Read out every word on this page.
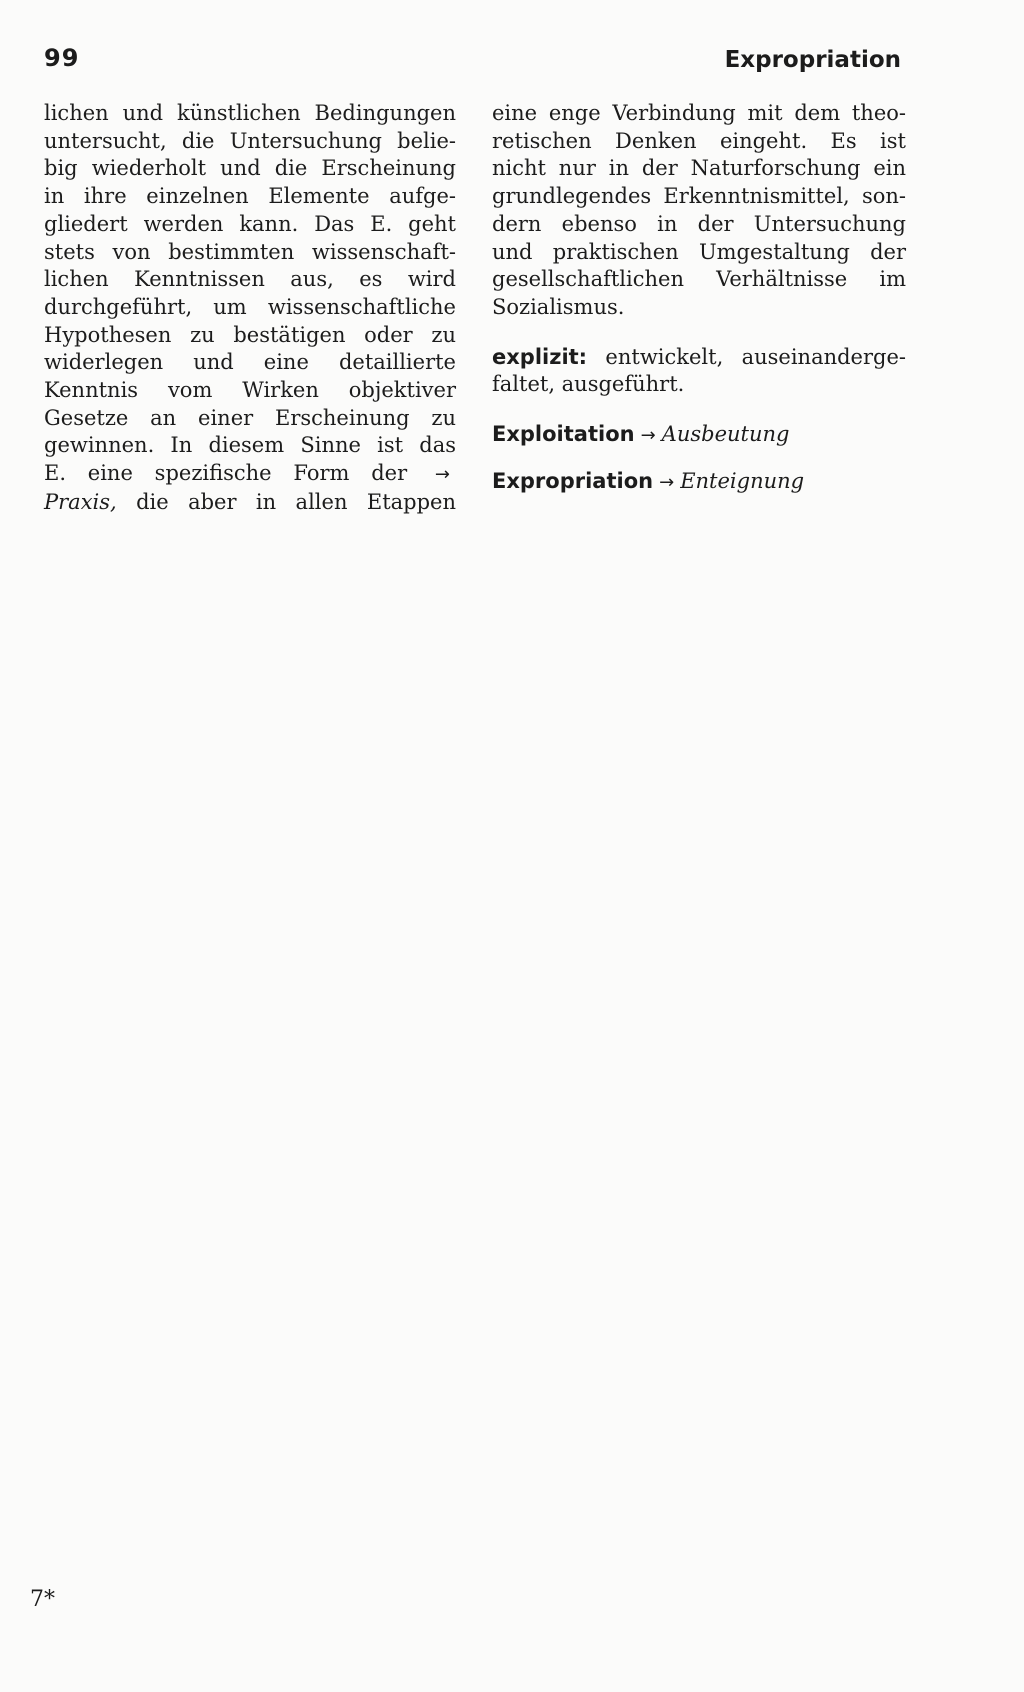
99	Expropriation
lichen und künstlichen Bedingungen
untersucht, die Untersuchung belie-
big wiederholt und die Erscheinung
in ihre einzelnen Elemente aufge-
gliedert werden kann. Das E. geht
stets von bestimmten wissenschaft-
lichen Kenntnissen aus, es wird
durchgeführt, um wissenschaftliche
Hypothesen zu bestätigen oder zu
widerlegen und eine detaillierte
Kenntnis vom Wirken objektiver
Gesetze an einer Erscheinung zu
gewinnen. In diesem Sinne ist das
E. eine spezifische Form der →
Praxis, die aber in allen Etappen
eine enge Verbindung mit dem theo-
retischen Denken eingeht. Es ist
nicht nur in der Naturforschung ein
grundlegendes Erkenntnismittel, son-
dern ebenso in der Untersuchung
und praktischen Umgestaltung der
gesellschaftlichen Verhältnisse im
Sozialismus.
explizit: entwickelt, auseinanderge-
faltet, ausgeführt.
Exploitation → Ausbeutung
Expropriation → Enteignung
7*
